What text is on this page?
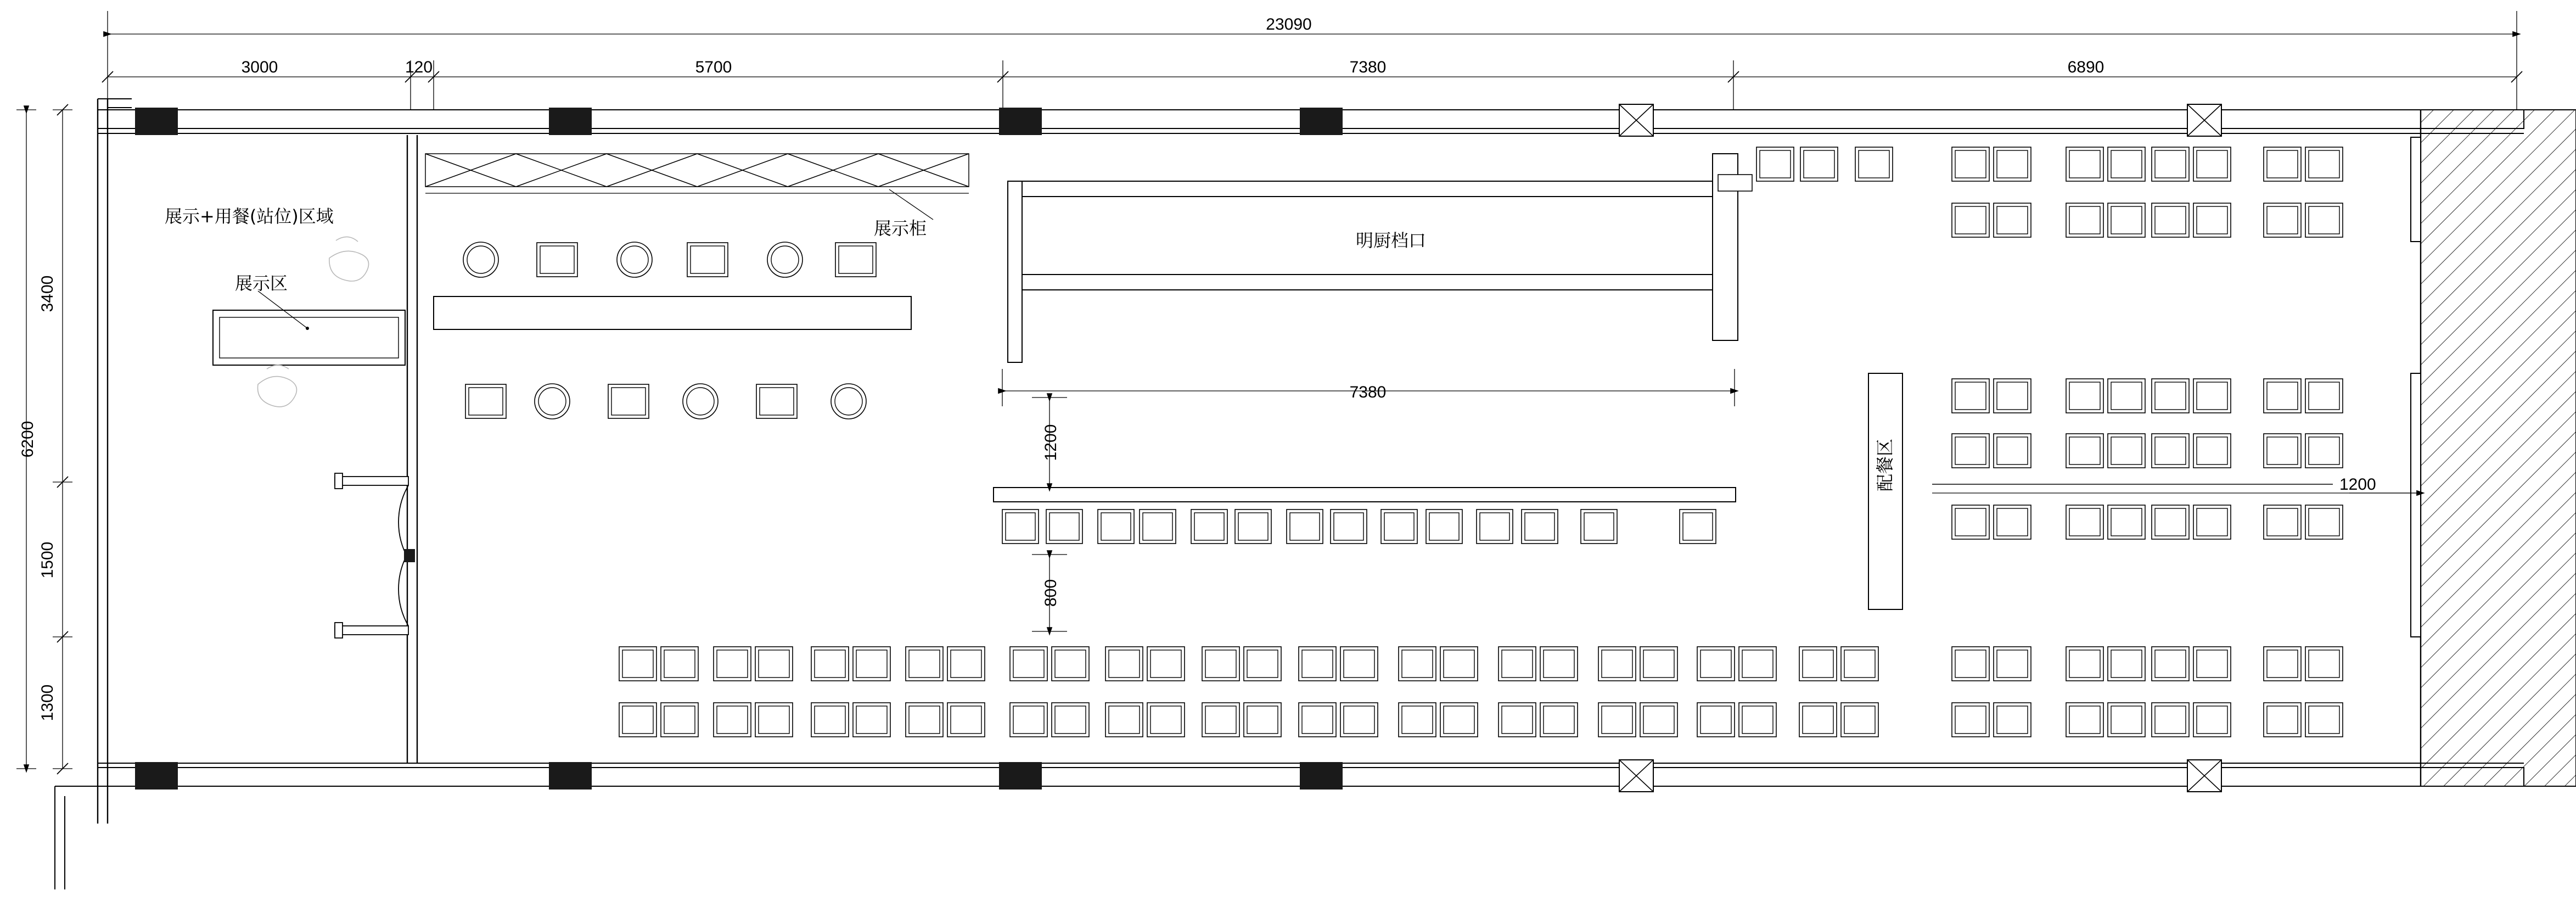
3000	120	5700	7380	6890
23090
3400
1500
1300
6200
7380
1200
800
1200
展示+用餐(站位)区域
展示区
展示柜
明厨档口
配餐区
